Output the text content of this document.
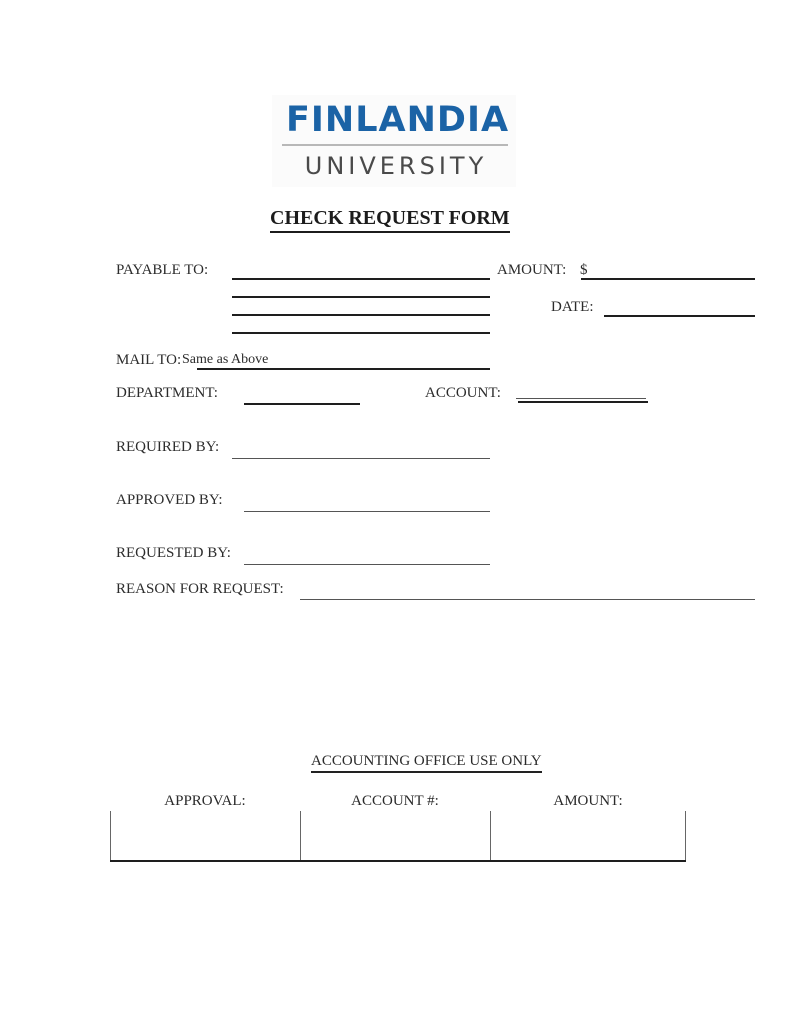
FINLANDIA
UNIVERSITY
CHECK REQUEST FORM
PAYABLE TO:	AMOUNT: $
DATE:
MAIL TO: Same as Above
DEPARTMENT:	ACCOUNT:
REQUIRED BY:
APPROVED BY:
REQUESTED BY:
REASON FOR REQUEST:
ACCOUNTING OFFICE USE ONLY
APPROVAL:	ACCOUNT #:	AMOUNT:
